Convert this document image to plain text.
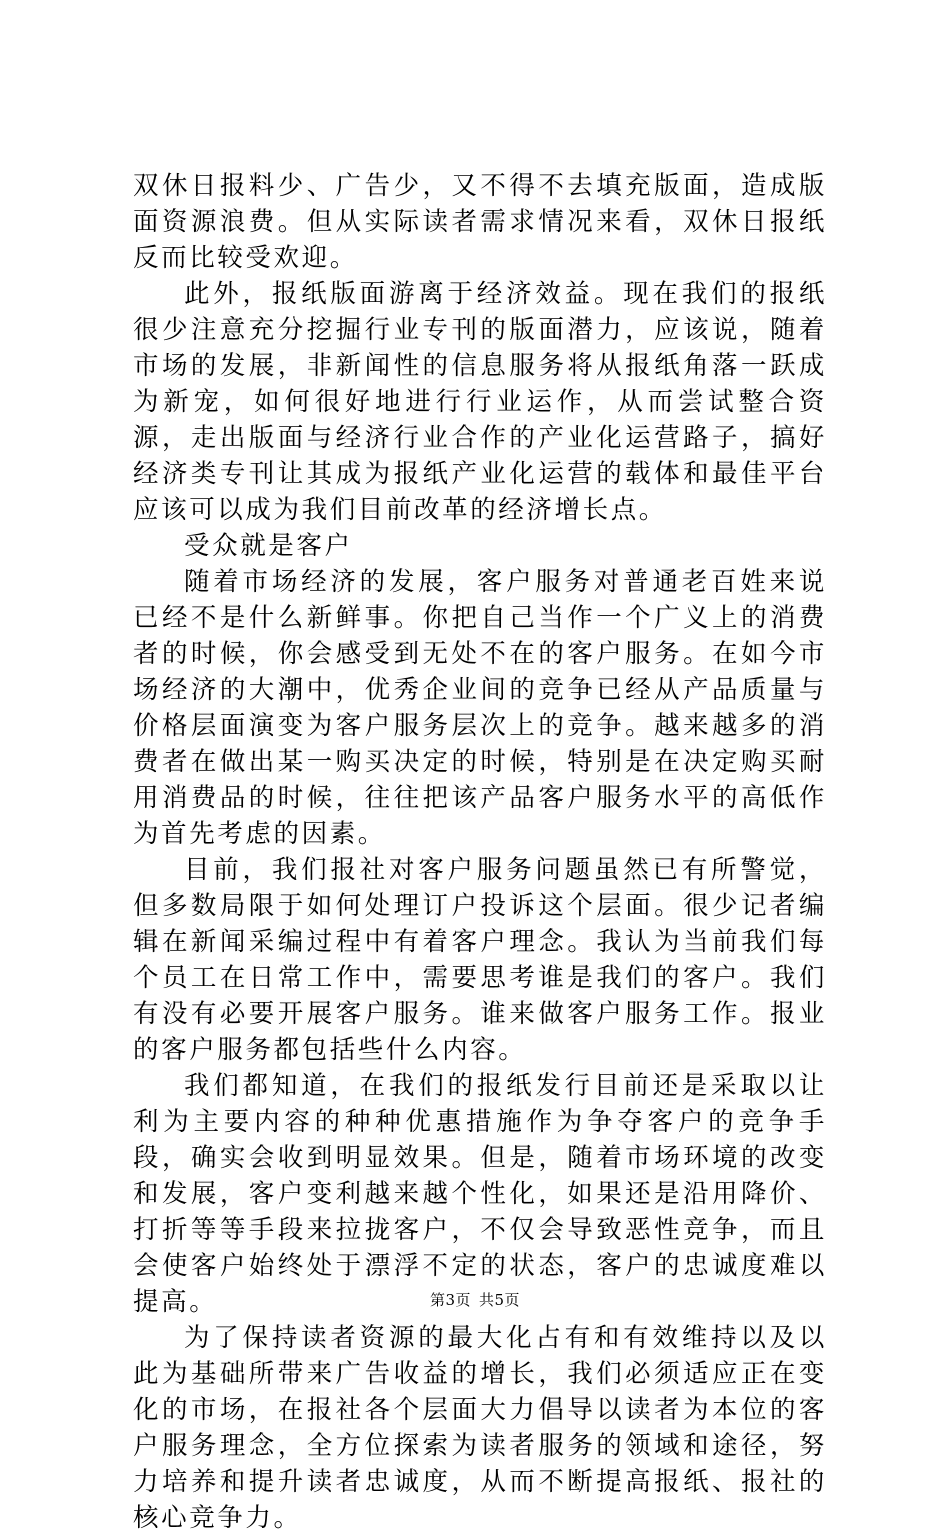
双休日报料少、广告少，又不得不去填充版面，造成版面资源浪费。但从实际读者需求情况来看，双休日报纸反而比较受欢迎。

此外，报纸版面游离于经济效益。现在我们的报纸很少注意充分挖掘行业专刊的版面潜力，应该说，随着市场的发展，非新闻性的信息服务将从报纸角落一跃成为新宠，如何很好地进行行业运作，从而尝试整合资源，走出版面与经济行业合作的产业化运营路子，搞好经济类专刊让其成为报纸产业化运营的载体和最佳平台应该可以成为我们目前改革的经济增长点。

受众就是客户

随着市场经济的发展，客户服务对普通老百姓来说已经不是什么新鲜事。你把自己当作一个广义上的消费者的时候，你会感受到无处不在的客户服务。在如今市场经济的大潮中，优秀企业间的竞争已经从产品质量与价格层面演变为客户服务层次上的竞争。越来越多的消费者在做出某一购买决定的时候，特别是在决定购买耐用消费品的时候，往往把该产品客户服务水平的高低作为首先考虑的因素。

目前，我们报社对客户服务问题虽然已有所警觉，但多数局限于如何处理订户投诉这个层面。很少记者编辑在新闻采编过程中有着客户理念。我认为当前我们每个员工在日常工作中，需要思考谁是我们的客户。我们有没有必要开展客户服务。谁来做客户服务工作。报业的客户服务都包括些什么内容。

我们都知道，在我们的报纸发行目前还是采取以让利为主要内容的种种优惠措施作为争夺客户的竞争手段，确实会收到明显效果。但是，随着市场环境的改变和发展，客户变利越来越个性化，如果还是沿用降价、打折等等手段来拉拢客户，不仅会导致恶性竞争，而且会使客户始终处于漂浮不定的状态，客户的忠诚度难以提高。

为了保持读者资源的最大化占有和有效维持以及以此为基础所带来广告收益的增长，我们必须适应正在变化的市场，在报社各个层面大力倡导以读者为本位的客户服务理念，全方位探索为读者服务的领域和途径，努力培养和提升读者忠诚度，从而不断提高报纸、报社的核心竞争力。

第3页 共5页
